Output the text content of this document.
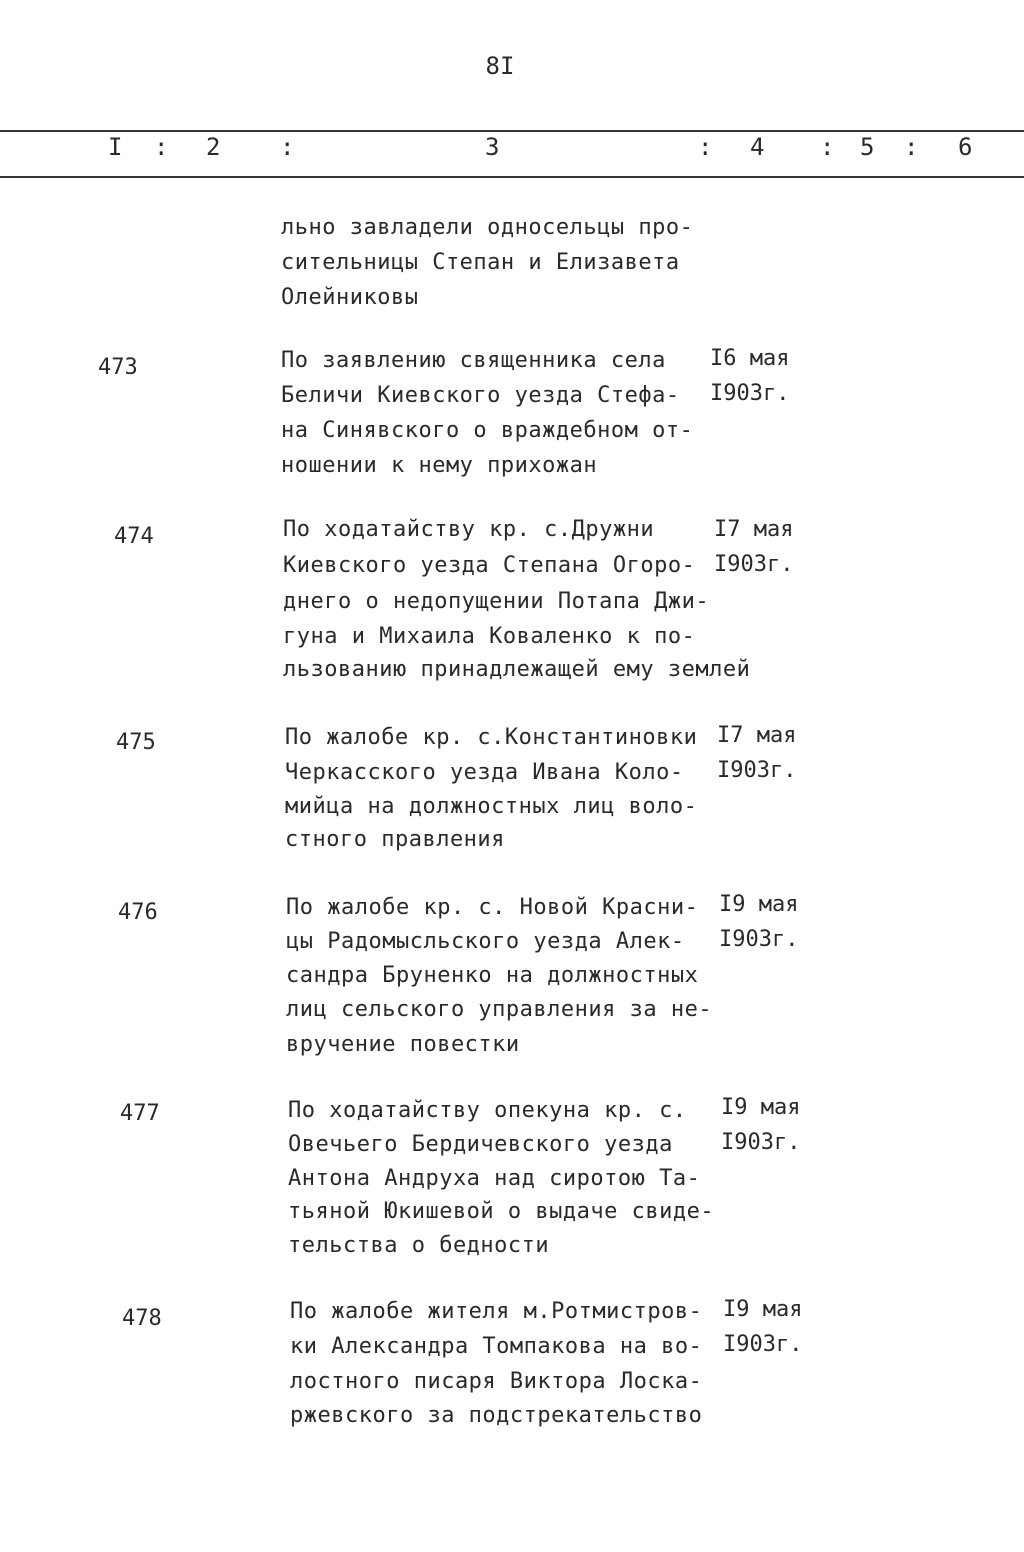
8I
I : 2 :	3	: 4 : 5 : 6
льно завладели односельцы про-
сительницы Степан и Елизавета
Олейниковы
473	По заявлению священника села
Беличи Киевского уезда Стефа-
на Синявского о враждебном от-
ношении к нему прихожан
I6 мая
I903г.
474	По ходатайству кр. с.Дружни
Киевского уезда Степана Огоро-
днего о недопущении Потапа Джи-
гуна и Михаила Коваленко к по-
льзованию принадлежащей ему землей
I7 мая
I903г.
475	По жалобе кр. с.Константиновки
Черкасского уезда Ивана Коло-
мийца на должностных лиц воло-
стного правления
I7 мая
I903г.
476	По жалобе кр. с. Новой Красни-
цы Радомысльского уезда Алек-
сандра Бруненко на должностных
лиц сельского управления за не-
вручение повестки
I9 мая
I903г.
477	По ходатайству опекуна кр. с.
Овечьего Бердичевского уезда
Антона Андруха над сиротою Та-
тьяной Юкишевой о выдаче свиде-
тельства о бедности
I9 мая
I903г.
478	По жалобе жителя м.Ротмистров-
ки Александра Томпакова на во-
лостного писаря Виктора Лоска-
ржевского за подстрекательство
I9 мая
I903г.
